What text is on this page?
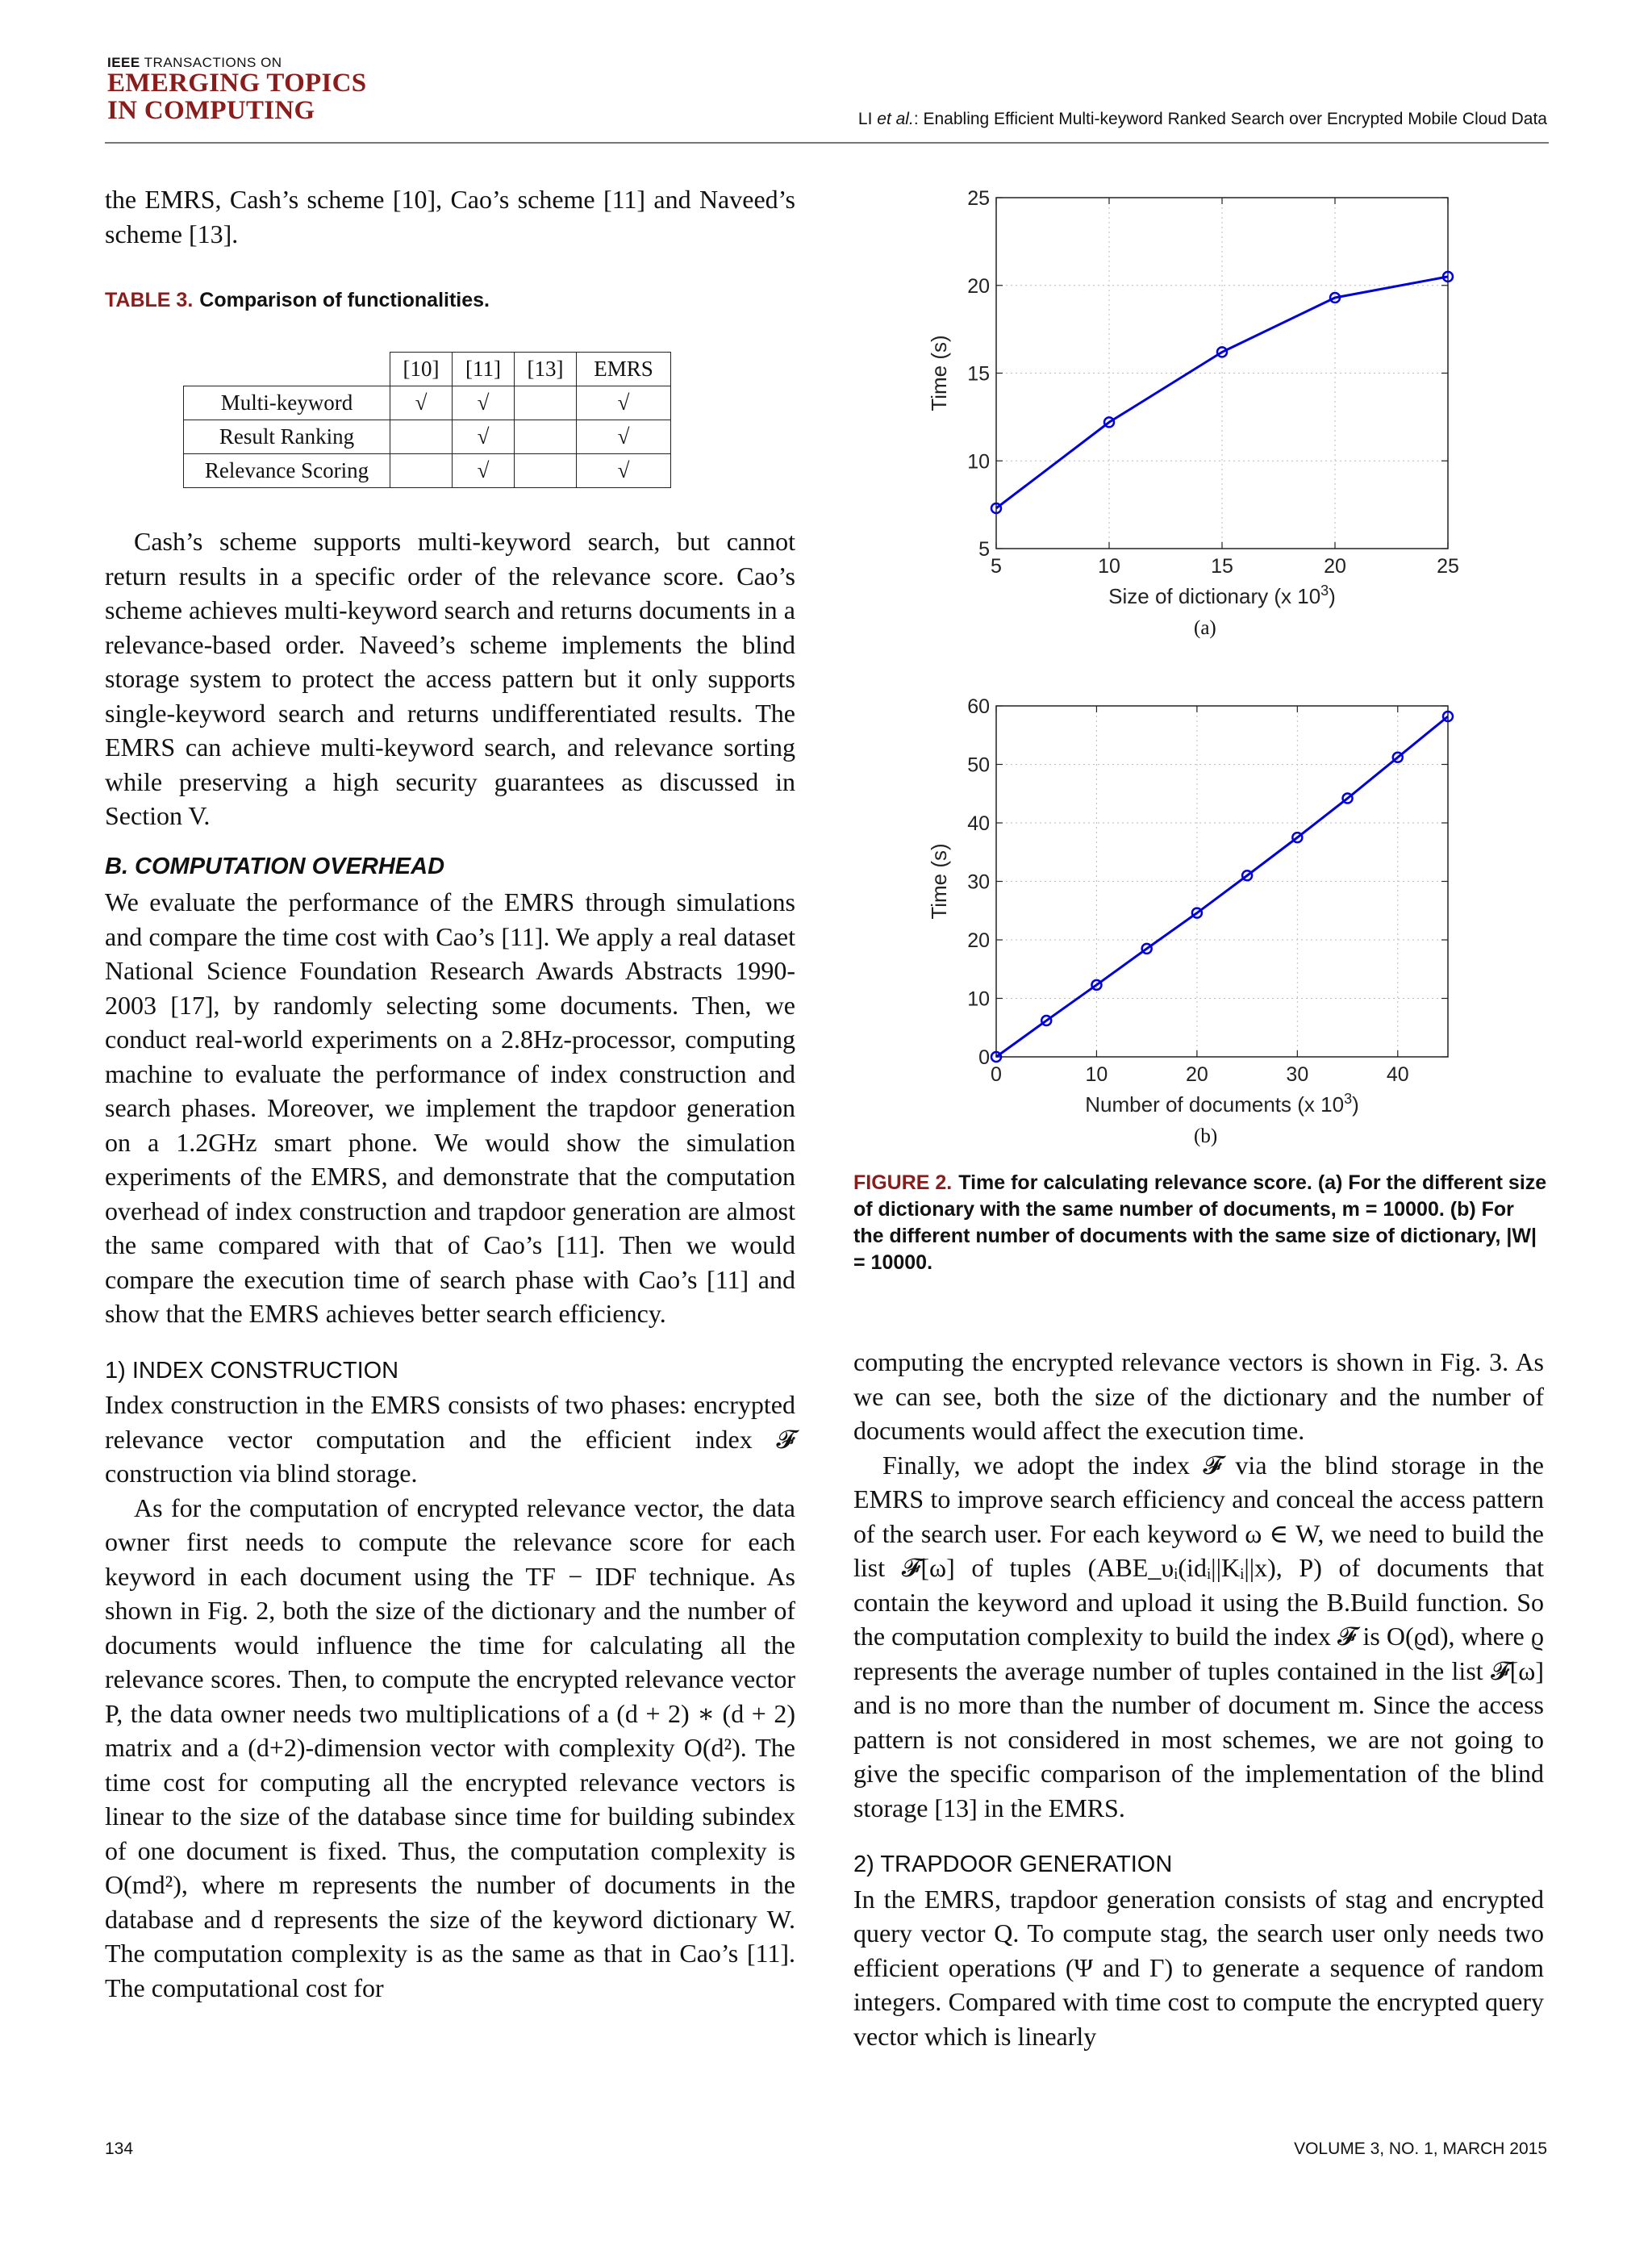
IEEE TRANSACTIONS ON
EMERGING TOPICS
IN COMPUTING	LI et al.: Enabling Efficient Multi-keyword Ranked Search over Encrypted Mobile Cloud Data

the EMRS, Cash’s scheme [10], Cao’s scheme [11] and Naveed’s scheme [13].

TABLE 3. Comparison of functionalities.
	[10]	[11]	[13]	EMRS
Multi-keyword	√	√		√
Result Ranking		√		√
Relevance Scoring		√		√

Cash’s scheme supports multi-keyword search, but cannot return results in a specific order of the relevance score. Cao’s scheme achieves multi-keyword search and returns documents in a relevance-based order. Naveed’s scheme implements the blind storage system to protect the access pattern but it only supports single-keyword search and returns undifferentiated results. The EMRS can achieve multi-keyword search, and relevance sorting while preserving a high security guarantees as discussed in Section V.

B. COMPUTATION OVERHEAD

We evaluate the performance of the EMRS through simulations and compare the time cost with Cao’s [11]. We apply a real dataset National Science Foundation Research Awards Abstracts 1990-2003 [17], by randomly selecting some documents. Then, we conduct real-world experiments on a 2.8Hz-processor, computing machine to evaluate the performance of index construction and search phases. Moreover, we implement the trapdoor generation on a 1.2GHz smart phone. We would show the simulation experiments of the EMRS, and demonstrate that the computation overhead of index construction and trapdoor generation are almost the same compared with that of Cao’s [11]. Then we would compare the execution time of search phase with Cao’s [11] and show that the EMRS achieves better search efficiency.

1) INDEX CONSTRUCTION

Index construction in the EMRS consists of two phases: encrypted relevance vector computation and the efficient index 𝓕 construction via blind storage.

As for the computation of encrypted relevance vector, the data owner first needs to compute the relevance score for each keyword in each document using the TF − IDF technique. As shown in Fig. 2, both the size of the dictionary and the number of documents would influence the time for calculating all the relevance scores. Then, to compute the encrypted relevance vector P, the data owner needs two multiplications of a (d + 2) ∗ (d + 2) matrix and a (d+2)-dimension vector with complexity O(d²). The time cost for computing all the encrypted relevance vectors is linear to the size of the database since time for building subindex of one document is fixed. Thus, the computation complexity is O(md²), where m represents the number of documents in the database and d represents the size of the keyword dictionary W. The computation complexity is as the same as that in Cao’s [11]. The computational cost for

5	10	15	20	25
5
10
15
20
25
Size of dictionary (x $10^3$)
Time (s)
(a)
0	10	20	30	40
0
10
20
30
40
50
60
Number of documents (x $10^3$)
Time (s)
(b)
FIGURE 2. Time for calculating relevance score. (a) For the different size of dictionary with the same number of documents, m = 10000. (b) For the different number of documents with the same size of dictionary, |W| = 10000.

computing the encrypted relevance vectors is shown in Fig. 3. As we can see, both the size of the dictionary and the number of documents would affect the execution time.

Finally, we adopt the index 𝓕 via the blind storage in the EMRS to improve search efficiency and conceal the access pattern of the search user. For each keyword ω ∈ W, we need to build the list 𝓕[ω] of tuples (ABE_υᵢ(idᵢ||Kᵢ||x), P) of documents that contain the keyword and upload it using the B.Build function. So the computation complexity to build the index 𝓕 is O(ϱd), where ϱ represents the average number of tuples contained in the list 𝓕[ω] and is no more than the number of document m. Since the access pattern is not considered in most schemes, we are not going to give the specific comparison of the implementation of the blind storage [13] in the EMRS.

2) TRAPDOOR GENERATION

In the EMRS, trapdoor generation consists of stag and encrypted query vector Q. To compute stag, the search user only needs two efficient operations (Ψ and Γ) to generate a sequence of random integers. Compared with time cost to compute the encrypted query vector which is linearly

134	VOLUME 3, NO. 1, MARCH 2015
